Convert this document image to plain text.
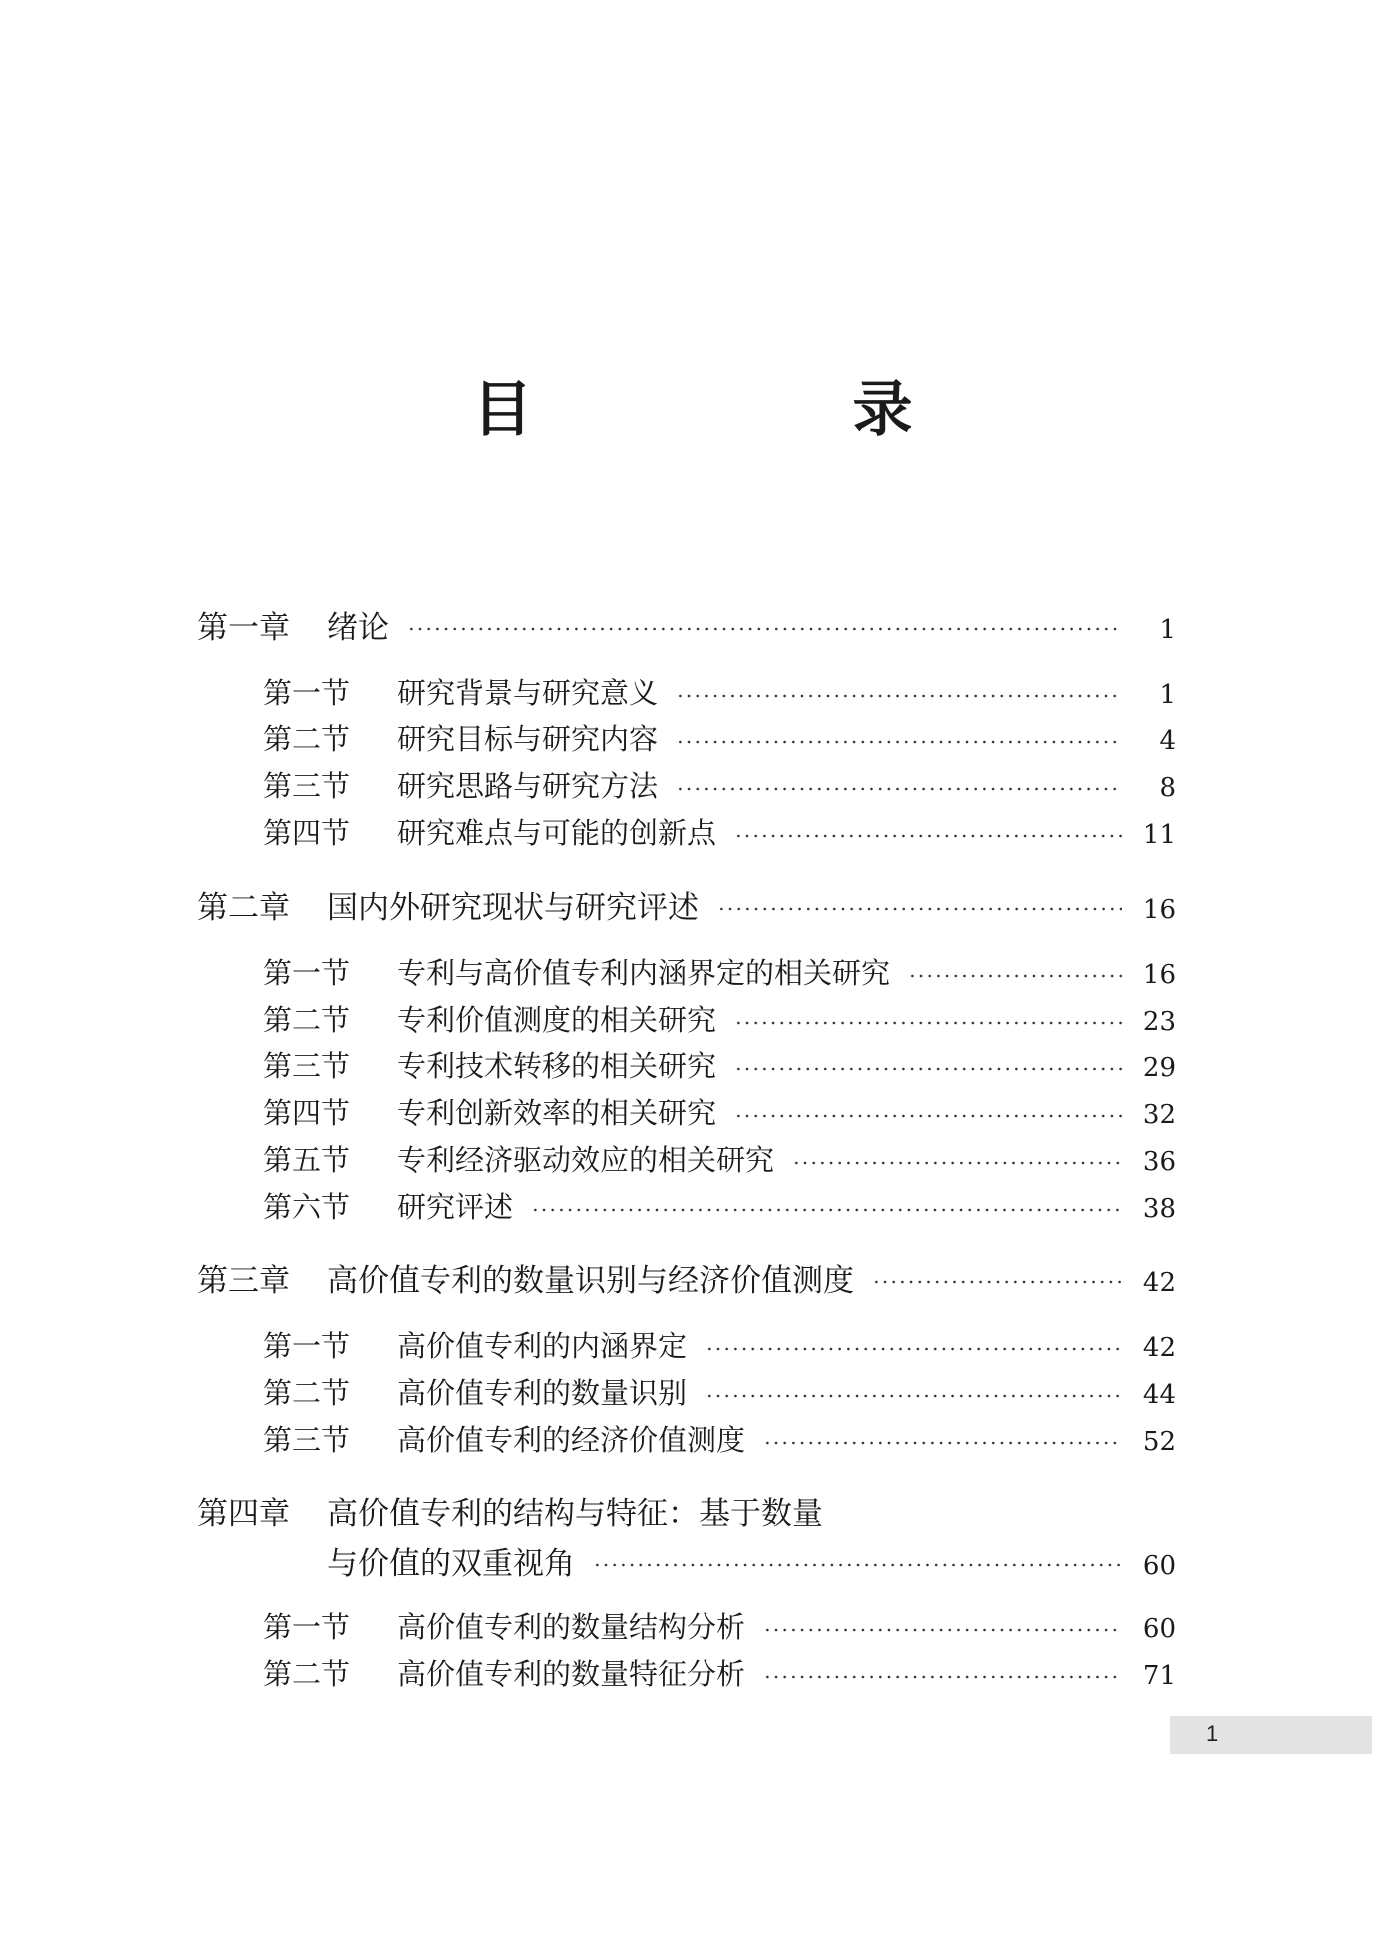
目　录
第一章	绪论	1
第一节	研究背景与研究意义	1
第二节	研究目标与研究内容	4
第三节	研究思路与研究方法	8
第四节	研究难点与可能的创新点	11
第二章	国内外研究现状与研究评述	16
第一节	专利与高价值专利内涵界定的相关研究	16
第二节	专利价值测度的相关研究	23
第三节	专利技术转移的相关研究	29
第四节	专利创新效率的相关研究	32
第五节	专利经济驱动效应的相关研究	36
第六节	研究评述	38
第三章	高价值专利的数量识别与经济价值测度	42
第一节	高价值专利的内涵界定	42
第二节	高价值专利的数量识别	44
第三节	高价值专利的经济价值测度	52
第四章	高价值专利的结构与特征：基于数量
与价值的双重视角	60
第一节	高价值专利的数量结构分析	60
第二节	高价值专利的数量特征分析	71
1
